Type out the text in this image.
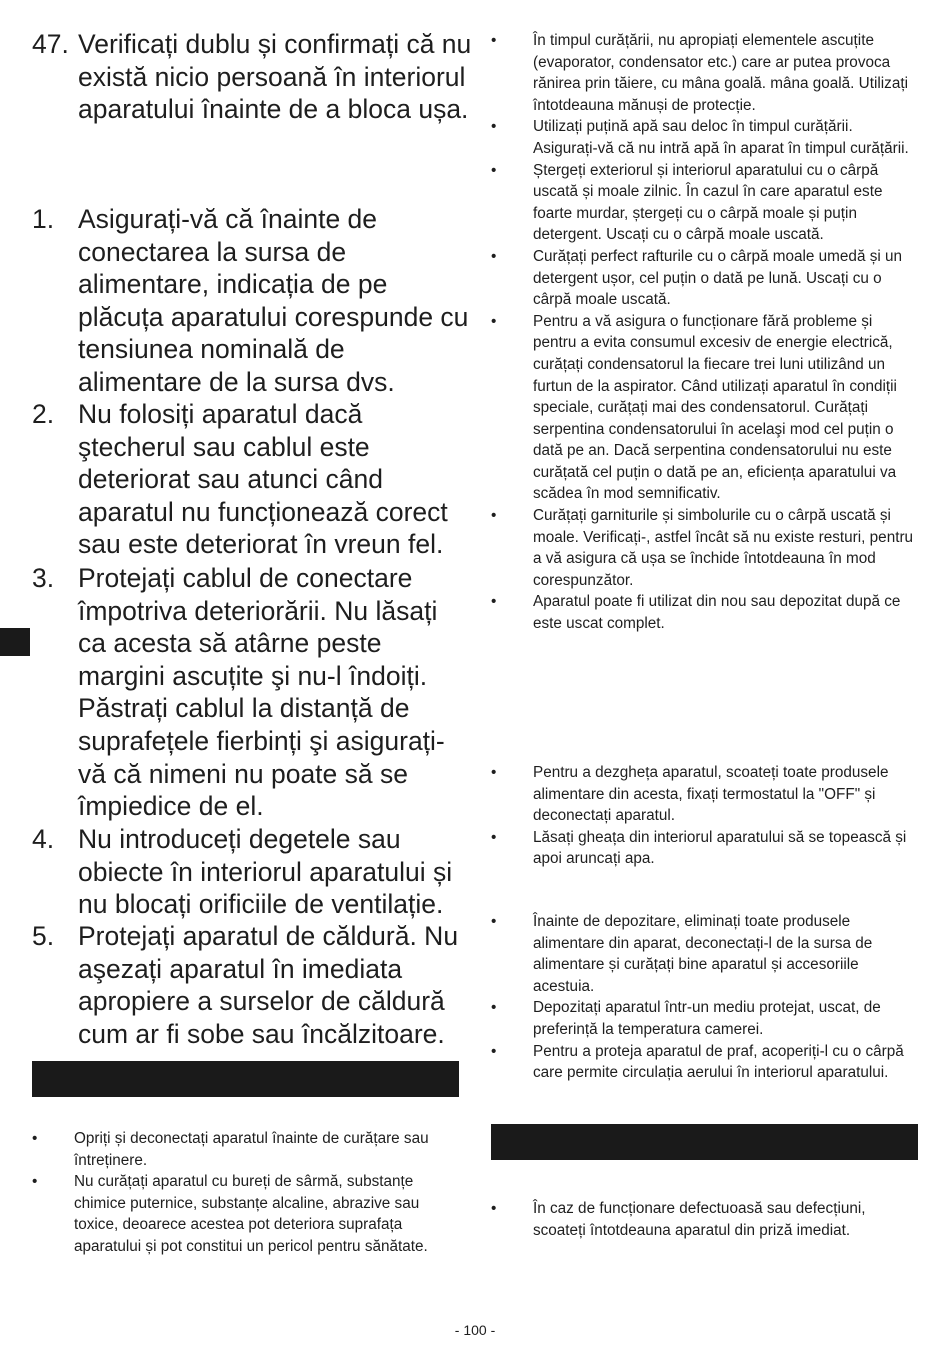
47. Verificați dublu și confirmați că nu există nicio persoană în interiorul aparatului înainte de a bloca ușa.
1. Asigurați-vă că înainte de conectarea la sursa de alimentare, indicația de pe plăcuța aparatului corespunde cu tensiunea nominală de alimentare de la sursa dvs.
2. Nu folosiți aparatul dacă ştecherul sau cablul este deteriorat sau atunci când aparatul nu funcționează corect sau este deteriorat în vreun fel.
3. Protejați cablul de conectare împotriva deteriorării. Nu lăsați ca acesta să atârne peste margini ascuțite şi nu-l îndoiți. Păstrați cablul la distanță de suprafețele fierbinți şi asigurați-vă că nimeni nu poate să se împiedice de el.
4. Nu introduceți degetele sau obiecte în interiorul aparatului și nu blocați orificiile de ventilație.
5. Protejați aparatul de căldură. Nu aşezați aparatul în imediata apropiere a surselor de căldură cum ar fi sobe sau încălzitoare.
• Opriți și deconectați aparatul înainte de curățare sau întreținere.
• Nu curățați aparatul cu bureți de sârmă, substanțe chimice puternice, substanțe alcaline, abrazive sau toxice, deoarece acestea pot deteriora suprafața aparatului și pot constitui un pericol pentru sănătate.
• În timpul curățării, nu apropiați elementele ascuțite (evaporator, condensator etc.) care ar putea provoca rănirea prin tăiere, cu mâna goală. mâna goală. Utilizați întotdeauna mănuși de protecție.
• Utilizați puțină apă sau deloc în timpul curățării. Asigurați-vă că nu intră apă în aparat în timpul curățării.
• Ștergeți exteriorul și interiorul aparatului cu o cârpă uscată și moale zilnic. În cazul în care aparatul este foarte murdar, ștergeți cu o cârpă moale și puțin detergent. Uscați cu o cârpă moale uscată.
• Curățați perfect rafturile cu o cârpă moale umedă și un detergent ușor, cel puțin o dată pe lună. Uscați cu o cârpă moale uscată.
• Pentru a vă asigura o funcționare fără probleme și pentru a evita consumul excesiv de energie electrică, curățați condensatorul la fiecare trei luni utilizând un furtun de la aspirator. Când utilizați aparatul în condiții speciale, curățați mai des condensatorul. Curățați serpentina condensatorului în acelaşi mod cel puțin o dată pe an. Dacă serpentina condensatorului nu este curățată cel puțin o dată pe an, eficiența aparatului va scădea în mod semnificativ.
• Curățați garniturile și simbolurile cu o cârpă uscată și moale. Verificați-, astfel încât să nu existe resturi, pentru a vă asigura că ușa se închide întotdeauna în mod corespunzător.
• Aparatul poate fi utilizat din nou sau depozitat după ce este uscat complet.
• Pentru a dezgheța aparatul, scoateți toate produsele alimentare din acesta, fixați termostatul la "OFF" și deconectați aparatul.
• Lăsați gheața din interiorul aparatului să se topească și apoi aruncați apa.
• Înainte de depozitare, eliminați toate produsele alimentare din aparat, deconectați-l de la sursa de alimentare și curățați bine aparatul și accesoriile acestuia.
• Depozitați aparatul într-un mediu protejat, uscat, de preferință la temperatura camerei.
• Pentru a proteja aparatul de praf, acoperiți-l cu o cârpă care permite circulația aerului în interiorul aparatului.
• În caz de funcționare defectuoasă sau defecțiuni, scoateți întotdeauna aparatul din priză imediat.
- 100 -
